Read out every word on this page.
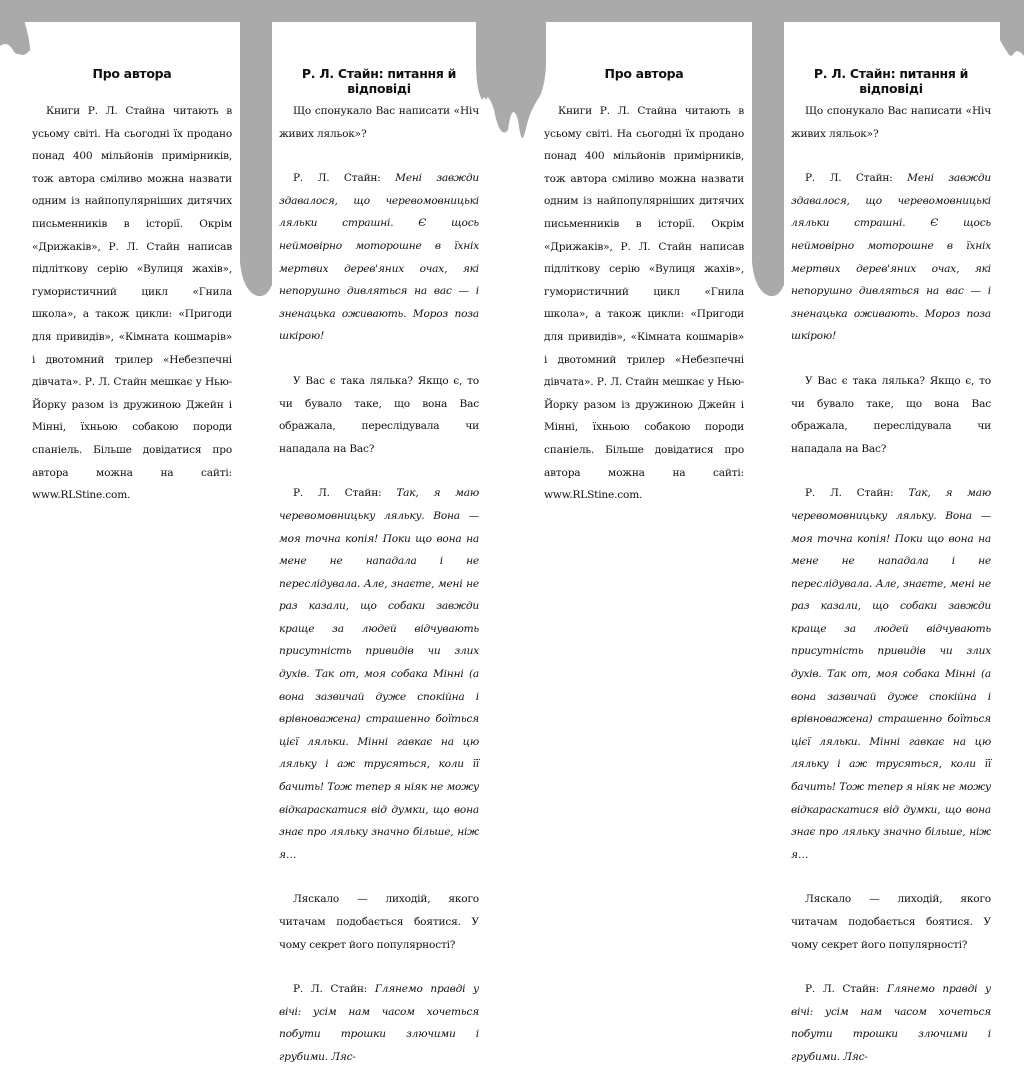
Про автора

Книги Р. Л. Стайна читають в усьому світі. На сьогодні їх продано понад 400 мільйонів примірників, тож автора сміливо можна назвати одним із найпопулярніших дитячих письменників в історії. Окрім «Дрижаків», Р. Л. Стайн написав підліткову серію «Вулиця жахів», гумористичний цикл «Гнила школа», а також цикли: «Пригоди для привидів», «Кімната кошмарів» і двотомний трилер «Небезпечні дівчата». Р. Л. Стайн мешкає у Нью-Йорку разом із дружиною Джейн і Мінні, їхньою собакою породи спаніель. Більше довідатися про автора можна на сайті: www.RLStine.com.

Р. Л. Стайн: питання й відповіді

Що спонукало Вас написати «Ніч живих ляльок»?

Р. Л. Стайн: Мені завжди здавалося, що черевомовницькі ляльки страшні. Є щось неймовірно моторошне в їхніх мертвих дерев'яних очах, які непорушно дивляться на вас — і зненацька оживають. Мороз поза шкірою!

У Вас є така лялька? Якщо є, то чи бувало таке, що вона Вас ображала, переслідувала чи нападала на Вас?

Р. Л. Стайн: Так, я маю черевомовницьку ляльку. Вона — моя точна копія! Поки що вона на мене не нападала і не переслідувала. Але, знаєте, мені не раз казали, що собаки завжди краще за людей відчувають присутність привидів чи злих духів. Так от, моя собака Мінні (а вона зазвичай дуже спокійна і врівноважена) страшенно боїться цієї ляльки. Мінні гавкає на цю ляльку і аж трусяться, коли її бачить! Тож тепер я ніяк не можу відкараскатися від думки, що вона знає про ляльку значно більше, ніж я…

Ляскало — лиходій, якого читачам подобається боятися. У чому секрет його популярності?

Р. Л. Стайн: Глянемо правді у вічі: усім нам часом хочеться побути трошки злючими і грубими. Ляс-

Про автора

Книги Р. Л. Стайна читають в усьому світі. На сьогодні їх продано понад 400 мільйонів примірників, тож автора сміливо можна назвати одним із найпопулярніших дитячих письменників в історії. Окрім «Дрижаків», Р. Л. Стайн написав підліткову серію «Вулиця жахів», гумористичний цикл «Гнила школа», а також цикли: «Пригоди для привидів», «Кімната кошмарів» і двотомний трилер «Небезпечні дівчата». Р. Л. Стайн мешкає у Нью-Йорку разом із дружиною Джейн і Мінні, їхньою собакою породи спаніель. Більше довідатися про автора можна на сайті: www.RLStine.com.

Р. Л. Стайн: питання й відповіді

Що спонукало Вас написати «Ніч живих ляльок»?

Р. Л. Стайн: Мені завжди здавалося, що черевомовницькі ляльки страшні. Є щось неймовірно моторошне в їхніх мертвих дерев'яних очах, які непорушно дивляться на вас — і зненацька оживають. Мороз поза шкірою!

У Вас є така лялька? Якщо є, то чи бувало таке, що вона Вас ображала, переслідувала чи нападала на Вас?

Р. Л. Стайн: Так, я маю черевомовницьку ляльку. Вона — моя точна копія! Поки що вона на мене не нападала і не переслідувала. Але, знаєте, мені не раз казали, що собаки завжди краще за людей відчувають присутність привидів чи злих духів. Так от, моя собака Мінні (а вона зазвичай дуже спокійна і врівноважена) страшенно боїться цієї ляльки. Мінні гавкає на цю ляльку і аж трусяться, коли її бачить! Тож тепер я ніяк не можу відкараскатися від думки, що вона знає про ляльку значно більше, ніж я…

Ляскало — лиходій, якого читачам подобається боятися. У чому секрет його популярності?

Р. Л. Стайн: Глянемо правді у вічі: усім нам часом хочеться побути трошки злючими і грубими. Ляс-
